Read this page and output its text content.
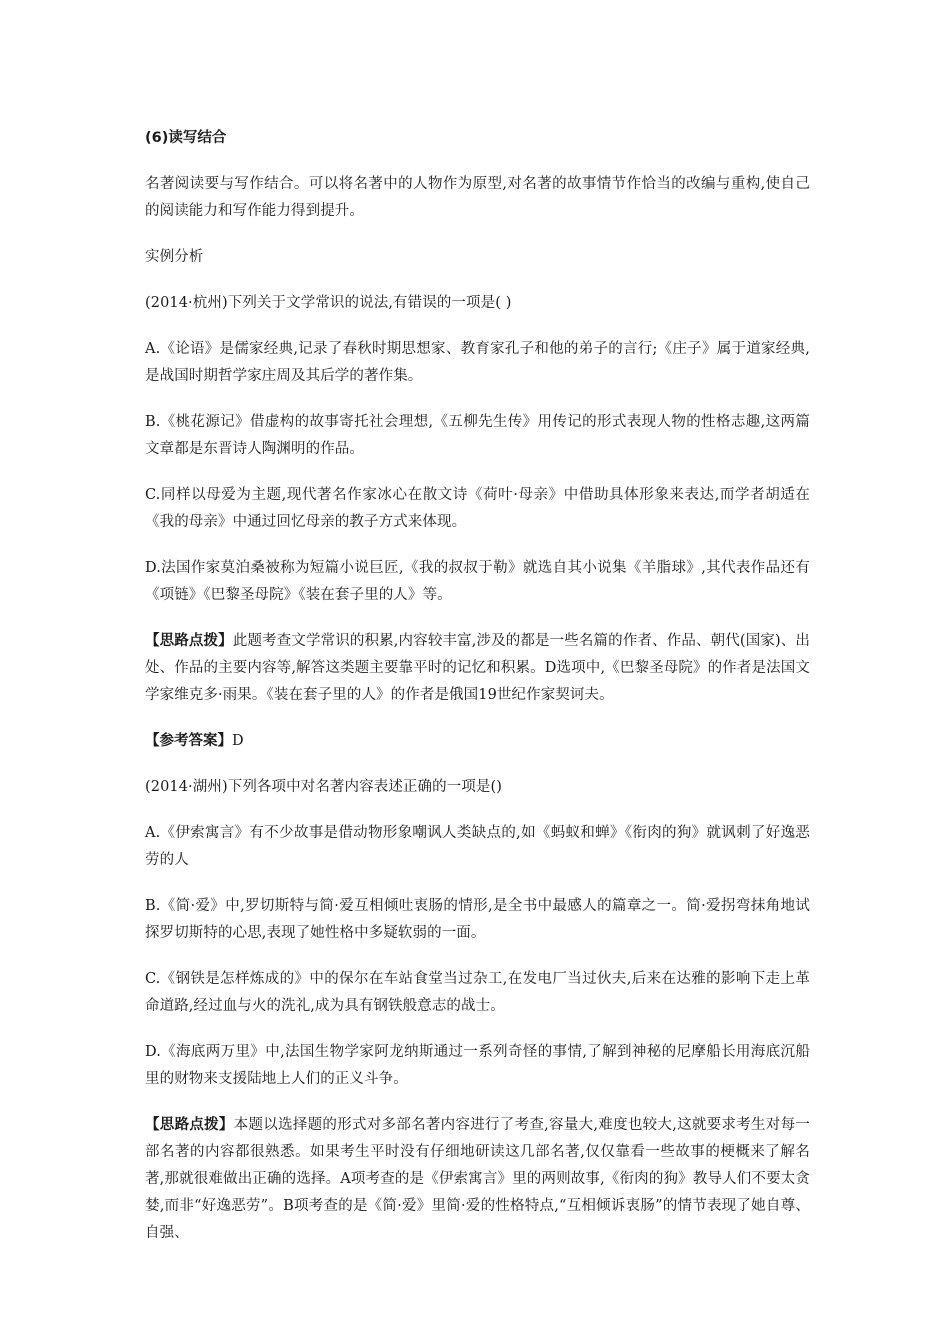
(6)读写结合

名著阅读要与写作结合。可以将名著中的人物作为原型,对名著的故事情节作恰当的改编与重构,使自己的阅读能力和写作能力得到提升。

实例分析

(2014·杭州)下列关于文学常识的说法,有错误的一项是( )

A.《论语》是儒家经典,记录了春秋时期思想家、教育家孔子和他的弟子的言行;《庄子》属于道家经典,是战国时期哲学家庄周及其后学的著作集。

B.《桃花源记》借虚构的故事寄托社会理想,《五柳先生传》用传记的形式表现人物的性格志趣,这两篇文章都是东晋诗人陶渊明的作品。

C.同样以母爱为主题,现代著名作家冰心在散文诗《荷叶·母亲》中借助具体形象来表达,而学者胡适在《我的母亲》中通过回忆母亲的教子方式来体现。

D.法国作家莫泊桑被称为短篇小说巨匠,《我的叔叔于勒》就选自其小说集《羊脂球》,其代表作品还有《项链》《巴黎圣母院》《装在套子里的人》等。

【思路点拨】此题考查文学常识的积累,内容较丰富,涉及的都是一些名篇的作者、作品、朝代(国家)、出处、作品的主要内容等,解答这类题主要靠平时的记忆和积累。D选项中,《巴黎圣母院》的作者是法国文学家维克多·雨果。《装在套子里的人》的作者是俄国19世纪作家契诃夫。

【参考答案】D

(2014·湖州)下列各项中对名著内容表述正确的一项是()

A.《伊索寓言》有不少故事是借动物形象嘲讽人类缺点的,如《蚂蚁和蝉》《衔肉的狗》就讽刺了好逸恶劳的人

B.《简·爱》中,罗切斯特与简·爱互相倾吐衷肠的情形,是全书中最感人的篇章之一。简·爱拐弯抹角地试探罗切斯特的心思,表现了她性格中多疑软弱的一面。

C.《钢铁是怎样炼成的》中的保尔在车站食堂当过杂工,在发电厂当过伙夫,后来在达雅的影响下走上革命道路,经过血与火的洗礼,成为具有钢铁般意志的战士。

D.《海底两万里》中,法国生物学家阿龙纳斯通过一系列奇怪的事情,了解到神秘的尼摩船长用海底沉船里的财物来支援陆地上人们的正义斗争。

【思路点拨】本题以选择题的形式对多部名著内容进行了考查,容量大,难度也较大,这就要求考生对每一部名著的内容都很熟悉。如果考生平时没有仔细地研读这几部名著,仅仅靠看一些故事的梗概来了解名著,那就很难做出正确的选择。A项考查的是《伊索寓言》里的两则故事,《衔肉的狗》教导人们不要太贪婪,而非“好逸恶劳”。B项考查的是《简·爱》里简·爱的性格特点,“互相倾诉衷肠”的情节表现了她自尊、自强、
